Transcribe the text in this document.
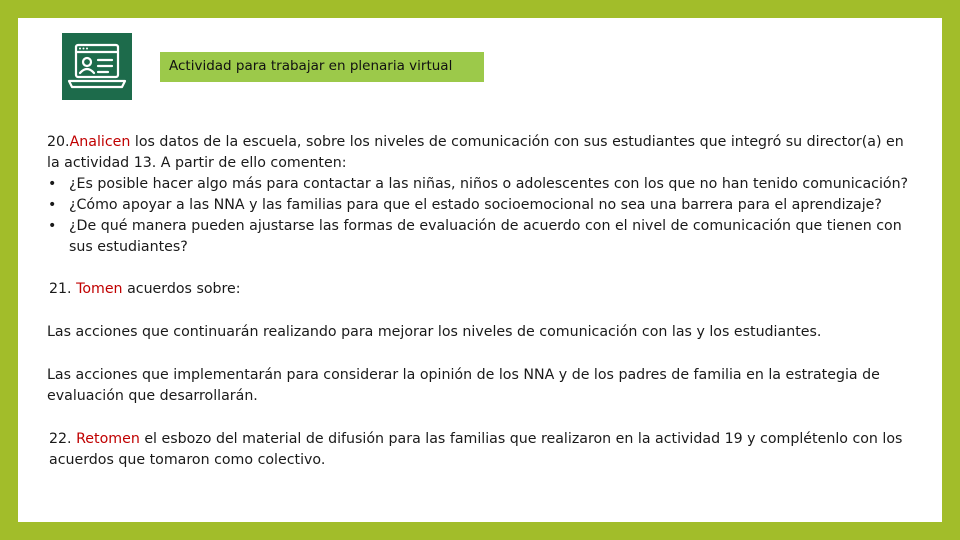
Actividad para trabajar en plenaria virtual

20.Analicen los datos de la escuela, sobre los niveles de comunicación con sus estudiantes que integró su director(a) en la actividad 13. A partir de ello comenten:

• ¿Es posible hacer algo más para contactar a las niñas, niños o adolescentes con los que no han tenido comunicación?
• ¿Cómo apoyar a las NNA y las familias para que el estado socioemocional no sea una barrera para el aprendizaje?
• ¿De qué manera pueden ajustarse las formas de evaluación de acuerdo con el nivel de comunicación que tienen con sus estudiantes?

21. Tomen acuerdos sobre:

Las acciones que continuarán realizando para mejorar los niveles de comunicación con las y los estudiantes.

Las acciones que implementarán para considerar la opinión de los NNA y de los padres de familia en la estrategia de evaluación que desarrollarán.

22. Retomen el esbozo del material de difusión para las familias que realizaron en la actividad 19 y complétenlo con los acuerdos que tomaron como colectivo.
